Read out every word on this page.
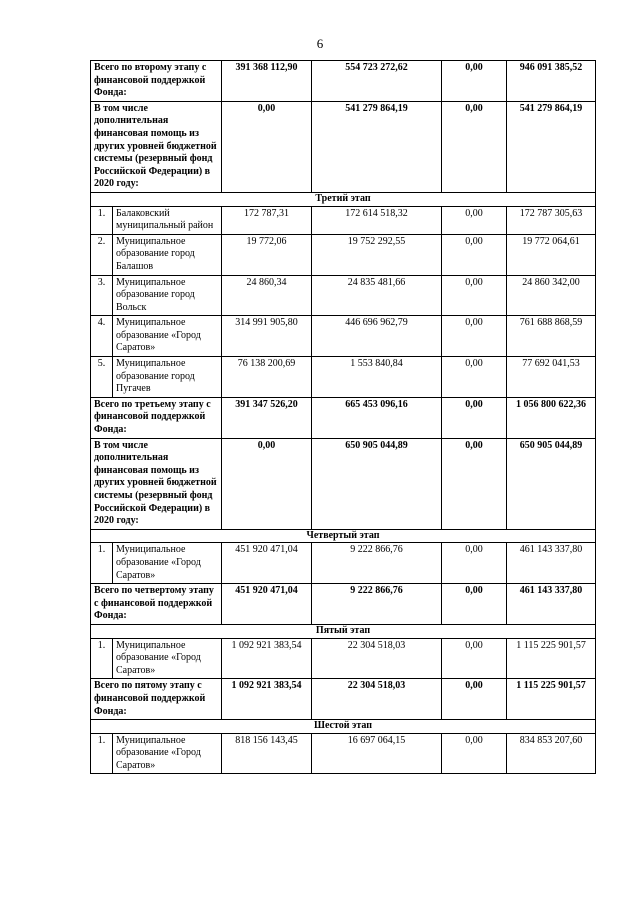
6
Всего по второму этапу с финансовой поддержкой Фонда:		391 368 112,90	554 723 272,62	0,00	946 091 385,52
В том числе дополнительная финансовая помощь из других уровней бюджетной системы (резервный фонд Российской Федерации) в 2020 году:		0,00	541 279 864,19	0,00	541 279 864,19
Третий этап					
1.	Балаковский муниципальный район	172 787,31	172 614 518,32	0,00	172 787 305,63
2.	Муниципальное образование город Балашов	19 772,06	19 752 292,55	0,00	19 772 064,61
3.	Муниципальное образование город Вольск	24 860,34	24 835 481,66	0,00	24 860 342,00
4.	Муниципальное образование «Город Саратов»	314 991 905,80	446 696 962,79	0,00	761 688 868,59
5.	Муниципальное образование город Пугачев	76 138 200,69	1 553 840,84	0,00	77 692 041,53
Всего по третьему этапу с финансовой поддержкой Фонда:		391 347 526,20	665 453 096,16	0,00	1 056 800 622,36
В том числе дополнительная финансовая помощь из других уровней бюджетной системы (резервный фонд Российской Федерации) в 2020 году:		0,00	650 905 044,89	0,00	650 905 044,89
Четвертый этап					
1.	Муниципальное образование «Город Саратов»	451 920 471,04	9 222 866,76	0,00	461 143 337,80
Всего по четвертому этапу с финансовой поддержкой Фонда:		451 920 471,04	9 222 866,76	0,00	461 143 337,80
Пятый этап					
1.	Муниципальное образование «Город Саратов»	1 092 921 383,54	22 304 518,03	0,00	1 115 225 901,57
Всего по пятому этапу с финансовой поддержкой Фонда:		1 092 921 383,54	22 304 518,03	0,00	1 115 225 901,57
Шестой этап					
1.	Муниципальное образование «Город Саратов»	818 156 143,45	16 697 064,15	0,00	834 853 207,60
